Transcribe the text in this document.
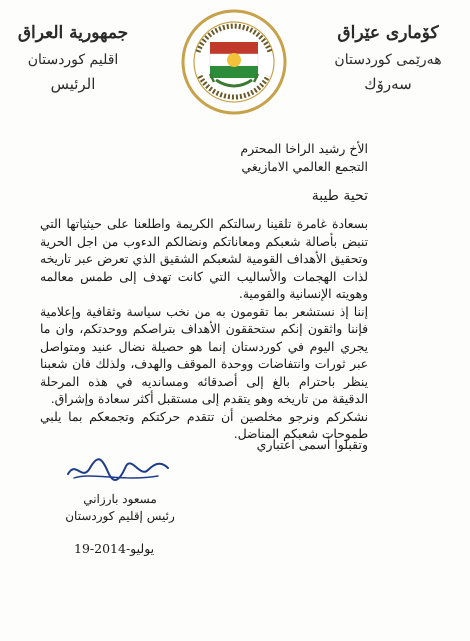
جمهورية العراق
اقليم كوردستان
الرئيس
كۆماری عێراق
هەرێمی کوردستان
سەرۆك
الأخ رشيد الراخا المحترم
التجمع العالمي الامازيغي
تحية طيبة

بسعادة غامرة تلقينا رسالتكم الكريمة واطلعنا على حيثياتها التي تنبض بأصالة شعبكم ومعاناتكم ونضالكم الدءوب من اجل الحرية وتحقيق الأهداف القومية لشعبكم الشقيق الذي تعرض عبر تاريخه لذات الهجمات والأساليب التي كانت تهدف إلى طمس معالمه وهويته الإنسانية والقومية.

إننا إذ نستشعر بما تقومون به من نخب سياسة وثقافية وإعلامية فإننا واثقون إنكم ستحققون الأهداف بتراصكم ووحدتكم، وان ما يجري اليوم في كوردستان إنما هو حصيلة نضال عنيد ومتواصل عبر ثورات وانتفاضات ووحدة الموقف والهدف، ولذلك فان شعبنا ينظر باحترام بالغ إلى أصدقائه ومسانديه في هذه المرحلة الدقيقة من تاريخه وهو يتقدم إلى مستقبل أكثر سعادة وإشراق.

نشكركم ونرجو مخلصين أن تتقدم حركتكم وتجمعكم بما يلبي طموحات شعبكم المناضل.

وتقبلوا أسمى اعتباري
مسعود بارزاني
رئيس إقليم كوردستان
19-يوليو-2014
